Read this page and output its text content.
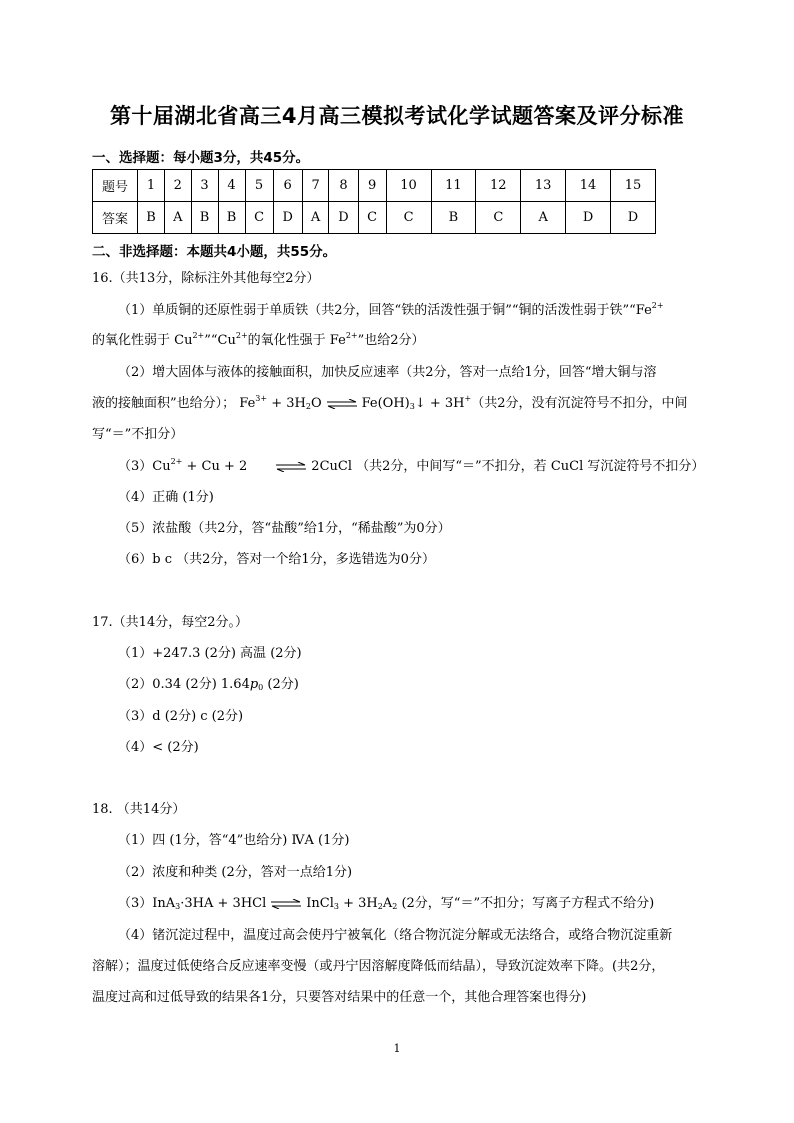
第十届湖北省高三4月高三模拟考试化学试题答案及评分标准
一、选择题：每小题3分，共45分。
题号	1	2	3	4	5	6	7	8	9	10	11	12	13	14	15
答案	B	A	B	B	C	D	A	D	C	C	B	C	A	D	D
二、非选择题：本题共4小题，共55分。
16.（共13分，除标注外其他每空2分）
（1）单质铜的还原性弱于单质铁（共2分，回答“铁的活泼性强于铜”“铜的活泼性弱于铁$”“Fe^{2+}$
的氧化性弱于 $Cu^{2+}”“Cu^{2+}$的氧化性强于 $Fe^{2+}$”也给2分）
（2）增大固体与液体的接触面积，加快反应速率（共2分，答对一点给1分，回答“增大铜与溶
液的接触面积”也给分）； $Fe^{3+} + 3H_2O$ ⇌ $Fe(OH)_3↓ + 3H^+$（共2分，没有沉淀符号不扣分，中间
写“＝”不扣分）
$(3)Cu^{2+} + Cu + 2$ ⇌ 2CuCl （共2分，中间写“＝”不扣分，若 CuCl 写沉淀符号不扣分）
（4）正确 (1分)
（5）浓盐酸（共2分，答“盐酸”给1分，“稀盐酸”为0分）
（6）b c （共2分，答对一个给1分，多选错选为0分）
17.（共14分，每空2分。）
（1）+247.3 (2分) 高温 (2分)
（2）0.34 (2分) $1.64p_0$ (2分)
（3）d (2分) c (2分)
（4）< (2分)
18. （共14分）
（1）四 (1分，答“4”也给分) ⅣA (1分)
（2）浓度和种类 (2分，答对一点给1分)
（3）InA$_3$·3HA + 3HCl ⇌ InCl$_3$ + $3H_2A_2$ (2分，写“＝”不扣分；写离子方程式不给分)
（4）锗沉淀过程中，温度过高会使丹宁被氧化（络合物沉淀分解或无法络合，或络合物沉淀重新
溶解）；温度过低使络合反应速率变慢（或丹宁因溶解度降低而结晶），导致沉淀效率下降。(共2分，
温度过高和过低导致的结果各1分，只要答对结果中的任意一个，其他合理答案也得分)
1
